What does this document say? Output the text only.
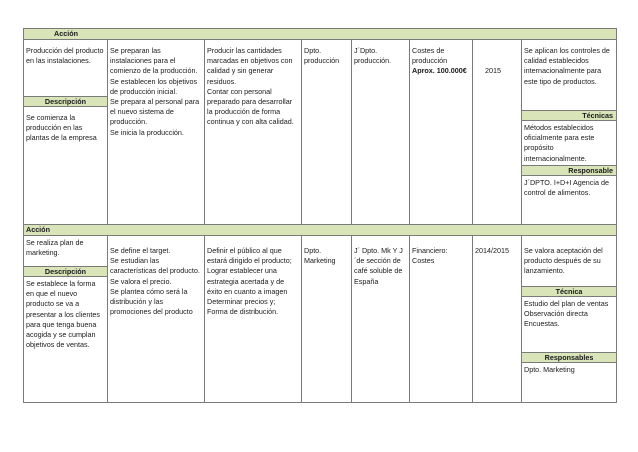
Acción
Producción del producto en las instalaciones.
Descripción
Se comienza la producción en las plantas de la empresa
Se preparan las instalaciones para el comienzo de la producción.
Se establecen los objetivos de producción inicial.
Se prepara al personal para el nuevo sistema de producción.
Se inicia la producción.
Producir las cantidades marcadas en objetivos con calidad y sin generar residuos.
Contar con personal preparado para desarrollar la producción de forma continua y con alta calidad.
Dpto. producción
J´Dpto. producción.
Costes de producción
Aprox. 100.000€	2015
Se aplican los controles de calidad establecidos internacionalmente para este tipo de productos.
Técnicas
Métodos establecidos oficialmente para este propósito internacionalmente.
Responsable
J´DPTO. I+D+I Agencia de control de alimentos.
Acción
Se realiza plan de marketing.
Descripción
Se establece la forma en que el nuevo producto se va a presentar a los clientes para que tenga buena acogida y se cumplan objetivos de ventas.
Se define el target.
Se estudian las características del producto.
Se valora el precio.
Se plantea cómo será la distribución y las promociones del producto
Definir el público al que estará dirigido el producto;
Lograr establecer una estrategia acertada y de éxito en cuanto a imagen Determinar precios y;
Forma de distribución.
Dpto. Marketing
J´ Dpto. Mk Y J´de sección de café soluble de España
Financiero: Costes
2014/2015	Se valora aceptación del producto después de su lanzamiento.
Técnica
Estudio del plan de ventas
Observación directa
Encuestas.
Responsables
Dpto. Marketing
